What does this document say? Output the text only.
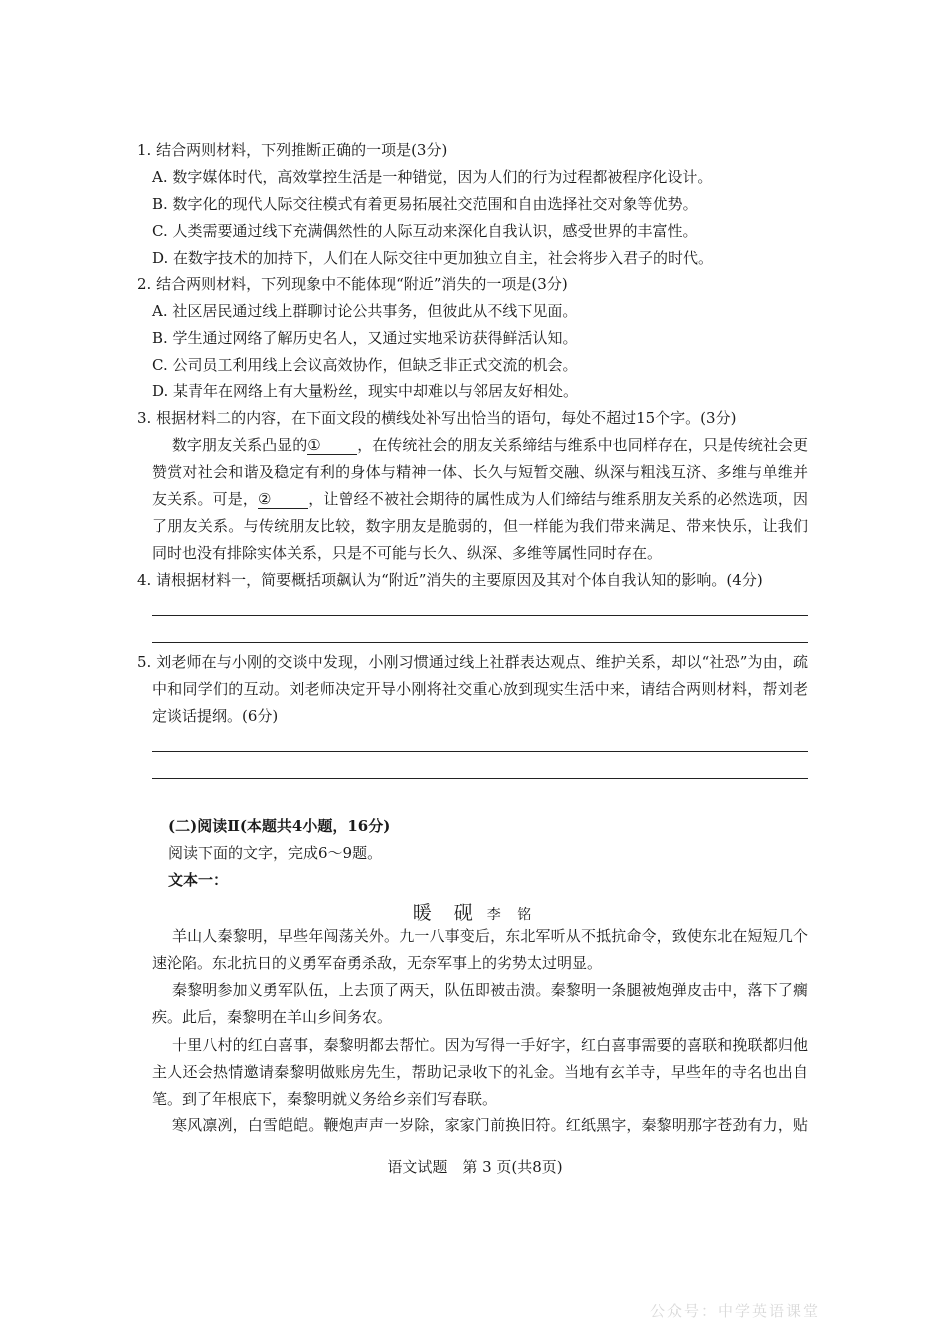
1. 结合两则材料，下列推断正确的一项是(3分)
A. 数字媒体时代，高效掌控生活是一种错觉，因为人们的行为过程都被程序化设计。
B. 数字化的现代人际交往模式有着更易拓展社交范围和自由选择社交对象等优势。
C. 人类需要通过线下充满偶然性的人际互动来深化自我认识，感受世界的丰富性。
D. 在数字技术的加持下，人们在人际交往中更加独立自主，社会将步入君子的时代。
2. 结合两则材料，下列现象中不能体现“附近”消失的一项是(3分)
A. 社区居民通过线上群聊讨论公共事务，但彼此从不线下见面。
B. 学生通过网络了解历史名人，又通过实地采访获得鲜活认知。
C. 公司员工利用线上会议高效协作，但缺乏非正式交流的机会。
D. 某青年在网络上有大量粉丝，现实中却难以与邻居友好相处。
3. 根据材料二的内容，在下面文段的横线处补写出恰当的语句，每处不超过15个字。(3分)
数字朋友关系凸显的① ，在传统社会的朋友关系缔结与维系中也同样存在，只是传统社会更
赞赏对社会和谐及稳定有利的身体与精神一体、长久与短暂交融、纵深与粗浅互济、多维与单维并
友关系。可是，② ，让曾经不被社会期待的属性成为人们缔结与维系朋友关系的必然选项，因
了朋友关系。与传统朋友比较，数字朋友是脆弱的，但一样能为我们带来满足、带来快乐，让我们
同时也没有排除实体关系，只是不可能与长久、纵深、多维等属性同时存在。
4. 请根据材料一，简要概括项飙认为“附近”消失的主要原因及其对个体自我认知的影响。(4分)
5. 刘老师在与小刚的交谈中发现，小刚习惯通过线上社群表达观点、维护关系，却以“社恐”为由，疏
中和同学们的互动。刘老师决定开导小刚将社交重心放到现实生活中来，请结合两则材料，帮刘老
定谈话提纲。(6分)
(二)阅读Ⅱ(本题共4小题，16分)
阅读下面的文字，完成6～9题。
文本一：
暖 砚 李 铭
羊山人秦黎明，早些年闯荡关外。九一八事变后，东北军听从不抵抗命令，致使东北在短短几个
速沦陷。东北抗日的义勇军奋勇杀敌，无奈军事上的劣势太过明显。
秦黎明参加义勇军队伍，上去顶了两天，队伍即被击溃。秦黎明一条腿被炮弹皮击中，落下了瘸
疾。此后，秦黎明在羊山乡间务农。
十里八村的红白喜事，秦黎明都去帮忙。因为写得一手好字，红白喜事需要的喜联和挽联都归他
主人还会热情邀请秦黎明做账房先生，帮助记录收下的礼金。当地有玄羊寺，早些年的寺名也出自
笔。到了年根底下，秦黎明就义务给乡亲们写春联。
寒风凛冽，白雪皑皑。鞭炮声声一岁除，家家门前换旧符。红纸黑字，秦黎明那字苍劲有力，贴
语文试题　第 3 页(共8页)
公众号：中学英语课堂
